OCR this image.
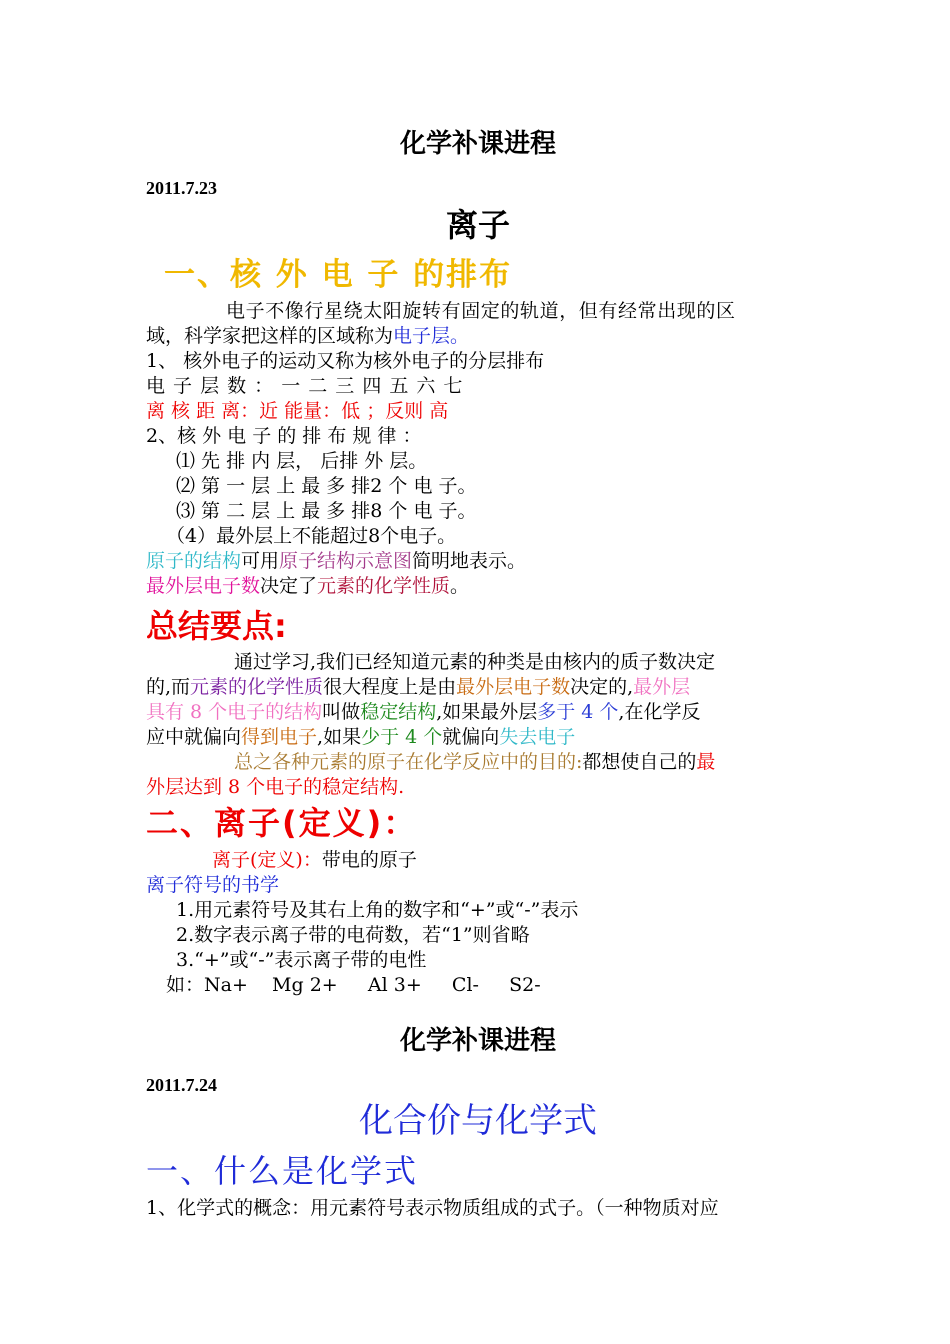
化学补课进程
2011.7.23
离子
一、核 外 电 子 的排布
电子不像行星绕太阳旋转有固定的轨道，但有经常出现的区
域，科学家把这样的区域称为电子层。
1、 核外电子的运动又称为核外电子的分层排布
电 子 层 数 ： 一 二 三 四 五 六 七
离 核 距 离：近 能量：低 ；反则 高
2、核 外 电 子 的 排 布 规 律 ：
⑴ 先 排 内 层， 后排 外 层。
⑵ 第 一 层 上 最 多 排2 个 电 子。
⑶ 第 二 层 上 最 多 排8 个 电 子。
（4）最外层上不能超过8个电子。
原子的结构可用原子结构示意图简明地表示。
最外层电子数决定了元素的化学性质。
总结要点:
通过学习,我们已经知道元素的种类是由核内的质子数决定
的,而元素的化学性质很大程度上是由最外层电子数决定的,最外层
具有 8 个电子的结构叫做稳定结构,如果最外层多于 4 个,在化学反
应中就偏向得到电子,如果少于 4 个就偏向失去电子
总之各种元素的原子在化学反应中的目的:都想使自己的最
外层达到 8 个电子的稳定结构.
二、离子(定义)：
离子(定义)：带电的原子
离子符号的书学
1.用元素符号及其右上角的数字和“+”或“-”表示
2.数字表示离子带的电荷数，若“1”则省略
3.“+”或“-”表示离子带的电性
如：Na+    Mg 2+     Al 3+     Cl-     S2-
化学补课进程
2011.7.24
化合价与化学式
一、什么是化学式
1、化学式的概念：用元素符号表示物质组成的式子。（一种物质对应
